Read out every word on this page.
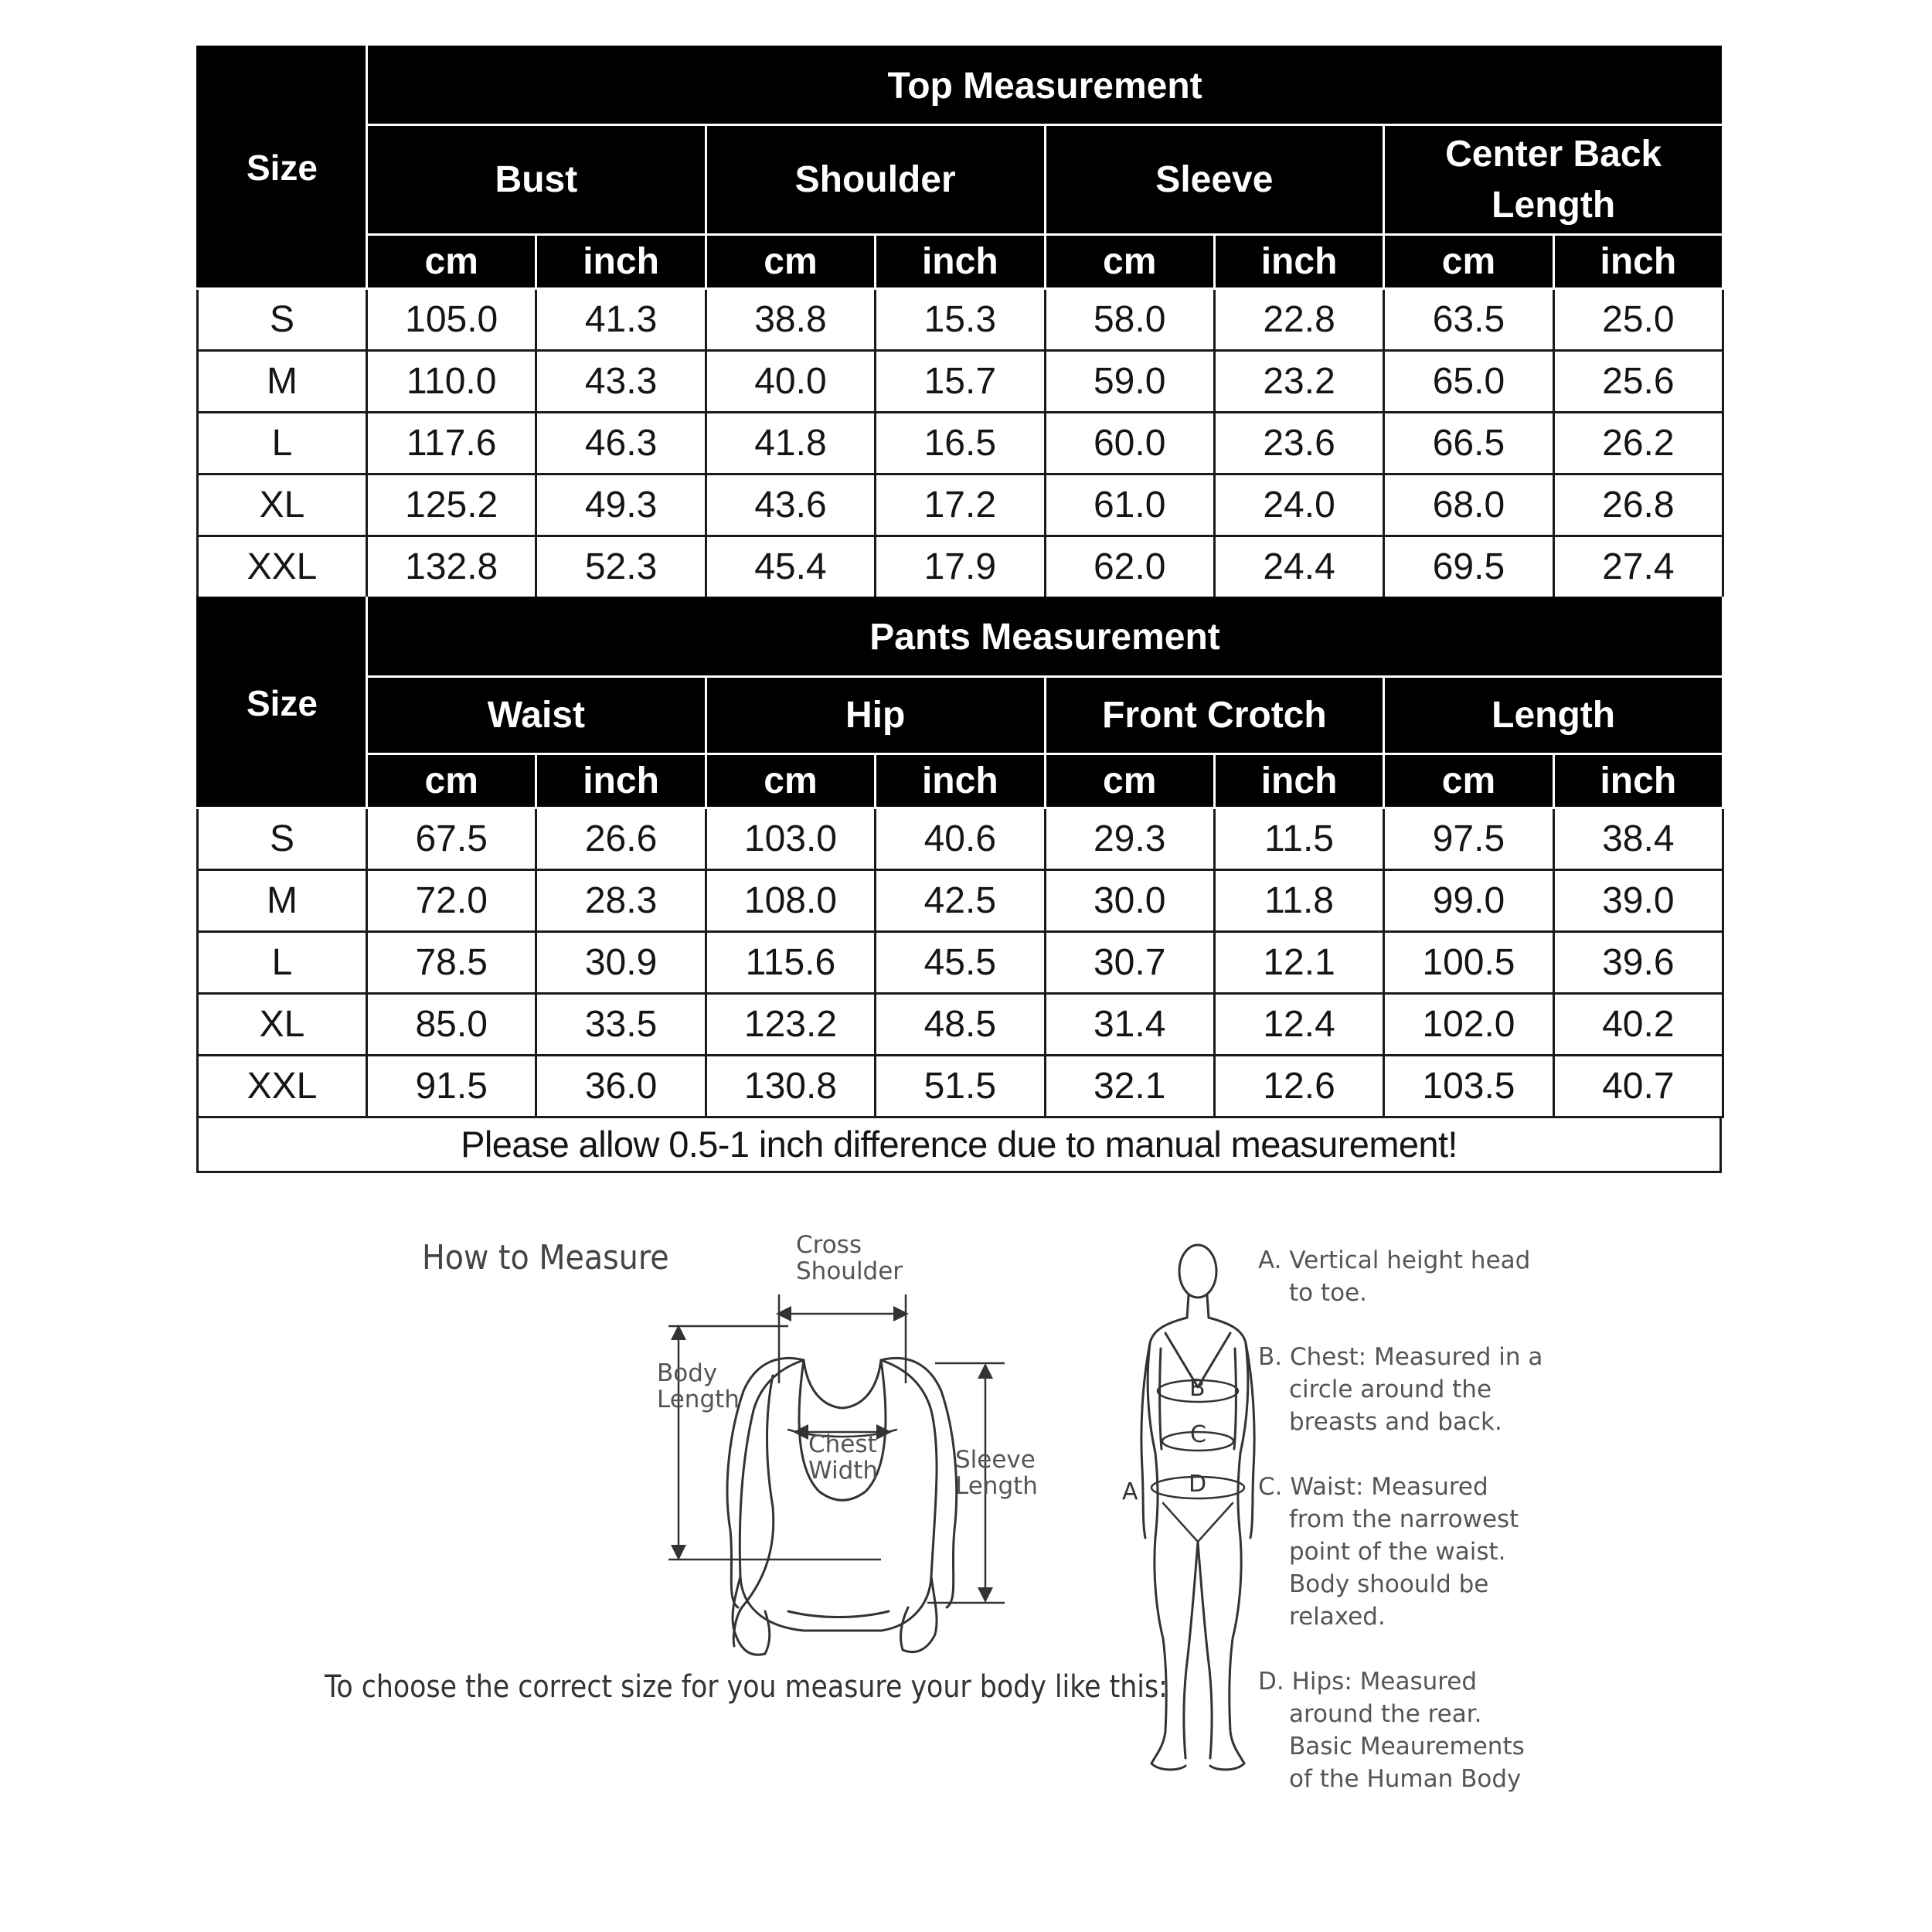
Size	Top Measurement							
	Bust		Shoulder		Sleeve		Center Back Length	
	cm	inch	cm	inch	cm	inch	cm	inch
S	105.0	41.3	38.8	15.3	58.0	22.8	63.5	25.0
M	110.0	43.3	40.0	15.7	59.0	23.2	65.0	25.6
L	117.6	46.3	41.8	16.5	60.0	23.6	66.5	26.2
XL	125.2	49.3	43.6	17.2	61.0	24.0	68.0	26.8
XXL	132.8	52.3	45.4	17.9	62.0	24.4	69.5	27.4
Size	Pants Measurement							
	Waist		Hip		Front Crotch		Length	
	cm	inch	cm	inch	cm	inch	cm	inch
S	67.5	26.6	103.0	40.6	29.3	11.5	97.5	38.4
M	72.0	28.3	108.0	42.5	30.0	11.8	99.0	39.0
L	78.5	30.9	115.6	45.5	30.7	12.1	100.5	39.6
XL	85.0	33.5	123.2	48.5	31.4	12.4	102.0	40.2
XXL	91.5	36.0	130.8	51.5	32.1	12.6	103.5	40.7
Please allow 0.5-1 inch difference due to manual measurement!
How to Measure
To choose the correct size for you measure your body like this:
B
C
D
A
Cross
Shoulder
Body
Length
Chest
Width	Sleeve
Length
A. Vertical height head
to toe.
B. Chest: Measured in a
circle around the
breasts and back.
C. Waist: Measured
from the narrowest
point of the waist.
Body shoould be
relaxed.
D. Hips: Measured
around the rear.
Basic Meaurements
of the Human Body
